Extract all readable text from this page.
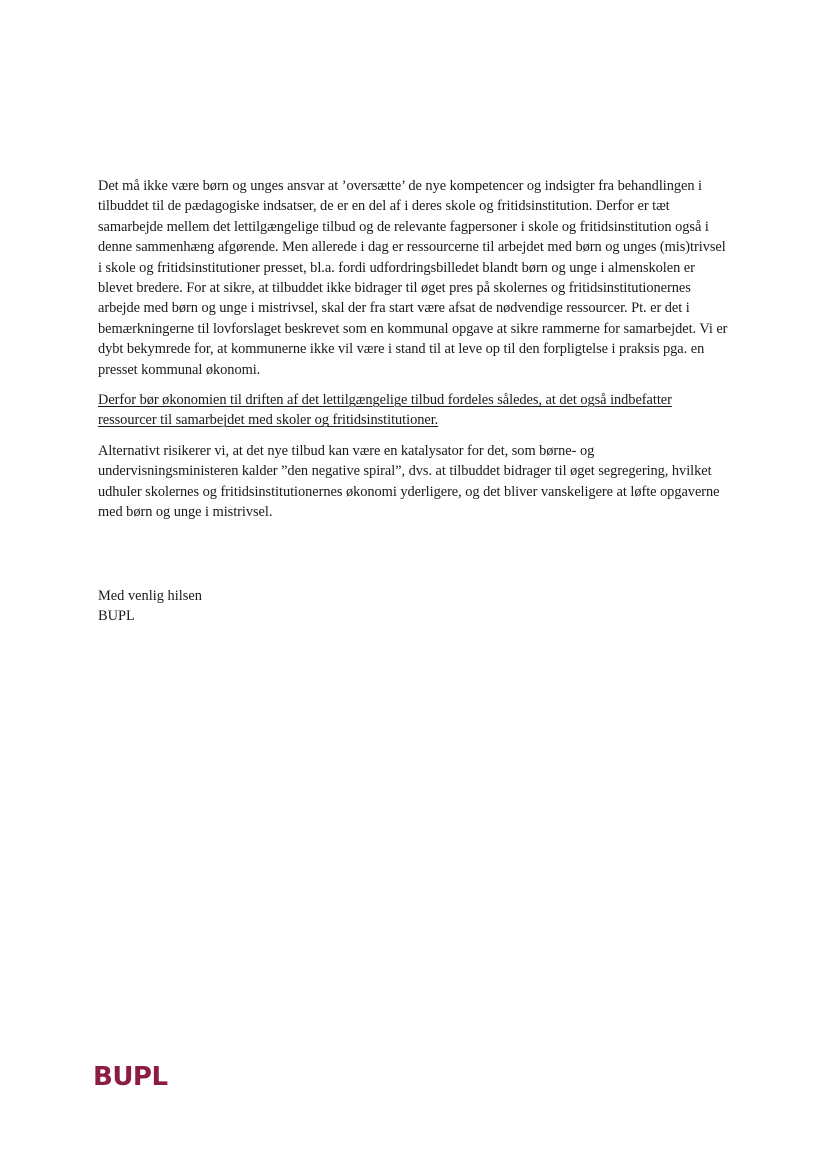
Det må ikke være børn og unges ansvar at ’oversætte’ de nye kompetencer og indsigter fra behandlingen i tilbuddet til de pædagogiske indsatser, de er en del af i deres skole og fritidsinstitution. Derfor er tæt samarbejde mellem det lettilgængelige tilbud og de relevante fagpersoner i skole og fritidsinstitution også i denne sammenhæng afgørende. Men allerede i dag er ressourcerne til arbejdet med børn og unges (mis)trivsel i skole og fritidsinstitutioner presset, bl.a. fordi udfordringsbilledet blandt børn og unge i almenskolen er blevet bredere. For at sikre, at tilbuddet ikke bidrager til øget pres på skolernes og fritidsinstitutionernes arbejde med børn og unge i mistrivsel, skal der fra start være afsat de nødvendige ressourcer. Pt. er det i bemærkningerne til lovforslaget beskrevet som en kommunal opgave at sikre rammerne for samarbejdet. Vi er dybt bekymrede for, at kommunerne ikke vil være i stand til at leve op til den forpligtelse i praksis pga. en presset kommunal økonomi.

Derfor bør økonomien til driften af det lettilgængelige tilbud fordeles således, at det også indbefatter ressourcer til samarbejdet med skoler og fritidsinstitutioner.

Alternativt risikerer vi, at det nye tilbud kan være en katalysator for det, som børne- og undervisningsministeren kalder ”den negative spiral”, dvs. at tilbuddet bidrager til øget segregering, hvilket udhuler skolernes og fritidsinstitutionernes økonomi yderligere, og det bliver vanskeligere at løfte opgaverne med børn og unge i mistrivsel.

Med venlig hilsen
BUPL
BUPL
